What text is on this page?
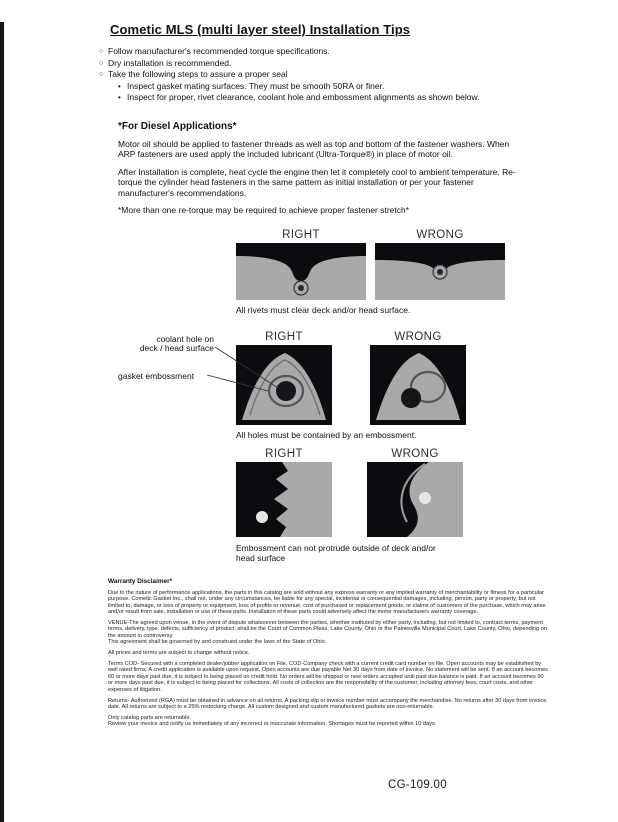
Cometic MLS (multi layer steel) Installation Tips
○ Follow manufacturer's recommended torque specifications.
○ Dry installation is recommended.
○ Take the following steps to assure a proper seal
• Inspect gasket mating surfaces. They must be smooth 50RA or finer.
• Inspect for proper, rivet clearance, coolant hole and embossment alignments as shown below.
*For Diesel Applications*

Motor oil should be applied to fastener threads as well as top and bottom of the fastener washers. When ARP fasteners are used apply the included lubricant (Ultra-Torque®) in place of motor oil.

After Installation is complete, heat cycle the engine then let it completely cool to ambient temperature. Re-torque the cylinder head fasteners in the same pattern as initial installation or per your fastener manufacturer's recommendations.

*More than one re-torque may be required to achieve proper fastener stretch*

RIGHT	WRONG
All rivets must clear deck and/or head surface.
coolant hole on
deck / head surface
gasket embossment
RIGHT	WRONG
All holes must be contained by an embossment.
RIGHT	WRONG
Embossment can not protrude outside of deck and/or head surface
Warranty Disclaimer*

Due to the nature of performance applications, the parts in this catalog are sold without any express warranty or any implied warranty of merchantability or fitness for a particular purpose. Cometic Gasket Inc., shall not, under any circumstances, be liable for any special, incidental or consequential damages, including, person, party or property, but not limited to, damage, or loss of property or equipment, loss of profits or revenue, cost of purchased or replacement goods, or claims of customers of the purchase, which may arise and/or result from sale, installation or use of these parts. Installation of these parts could adversely affect the motor manufacturers warranty coverage.

VENUE-The agreed upon venue, in the event of dispute whatsoever between the parties, whether instituted by either party, including, but not limited to, contract terms, payment terms, delivery, type, defects, sufficiency of product, shall be the Court of Common Pleas, Lake County, Ohio or the Painesville Municipal Court, Lake County, Ohio, depending on the amount in controversy.

This agreement shall be governed by and construed under the laws of the State of Ohio.

All prices and terms are subject to change without notice.

Terms COD- Secured with a completed dealer/jobber application on File, COD-Company check with a current credit card number on file. Open accounts may be established by well rated firms. A credit application is available upon request. Open accounts are due payable Net 30 days from date of invoice. No statement will be sent. If an account becomes 60 or more days past due, it is subject to being placed on credit hold. No orders will be shipped or new orders accepted until past due balance is paid. If an account becomes 90 or more days past due, it is subject to being placed for collections. All costs of collection are the responsibility of the customer, including attorney fees, court costs, and other expenses of litigation.

Returns- Authorized (RGA) must be obtained in advance on all returns. A packing slip or invoice number must accompany the merchandise. No returns after 30 days from invoice date. All returns are subject to a 25% restocking charge. All custom designed and custom manufactured gaskets are non-returnable.

Only catalog parts are returnable.

Review your invoice and notify us immediately of any incorrect or inaccurate information. Shortages must be reported within 10 days.

CG-109.00
